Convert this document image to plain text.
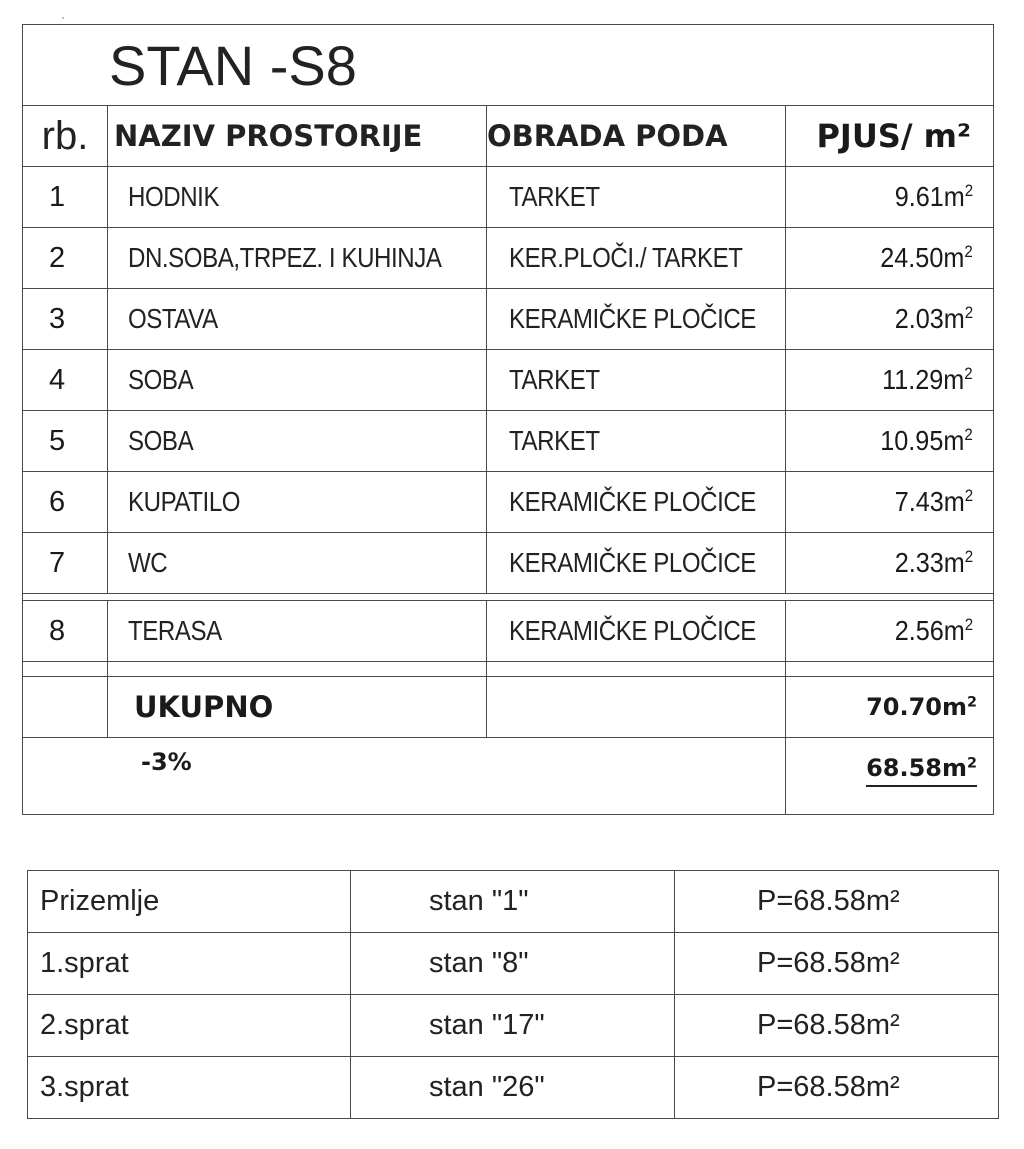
STAN -S8			
rb.	NAZIV PROSTORIJE	OBRADA PODA	PJUS/ m²
1	HODNIK	TARKET	$9.61m^2$
2	DN.SOBA,TRPEZ. I KUHINJA	KER.PLOČI./ TARKET	$24.50m^2$
3	OSTAVA	KERAMIČKE PLOČICE	$2.03m^2$
4	SOBA	TARKET	$11.29m^2$
5	SOBA	TARKET	$10.95m^2$
6	KUPATILO	KERAMIČKE PLOČICE	$7.43m^2$
7	WC	KERAMIČKE PLOČICE	$2.33m^2$

8	TERASA	KERAMIČKE PLOČICE	$2.56m^2$

	UKUPNO		$70.70m^2$
-3%			$68.58m^2$
Prizemlje	stan "1"	P=68.58m²
1.sprat	stan "8"	P=68.58m²
2.sprat	stan "17"	P=68.58m²
3.sprat	stan "26"	P=68.58m²
